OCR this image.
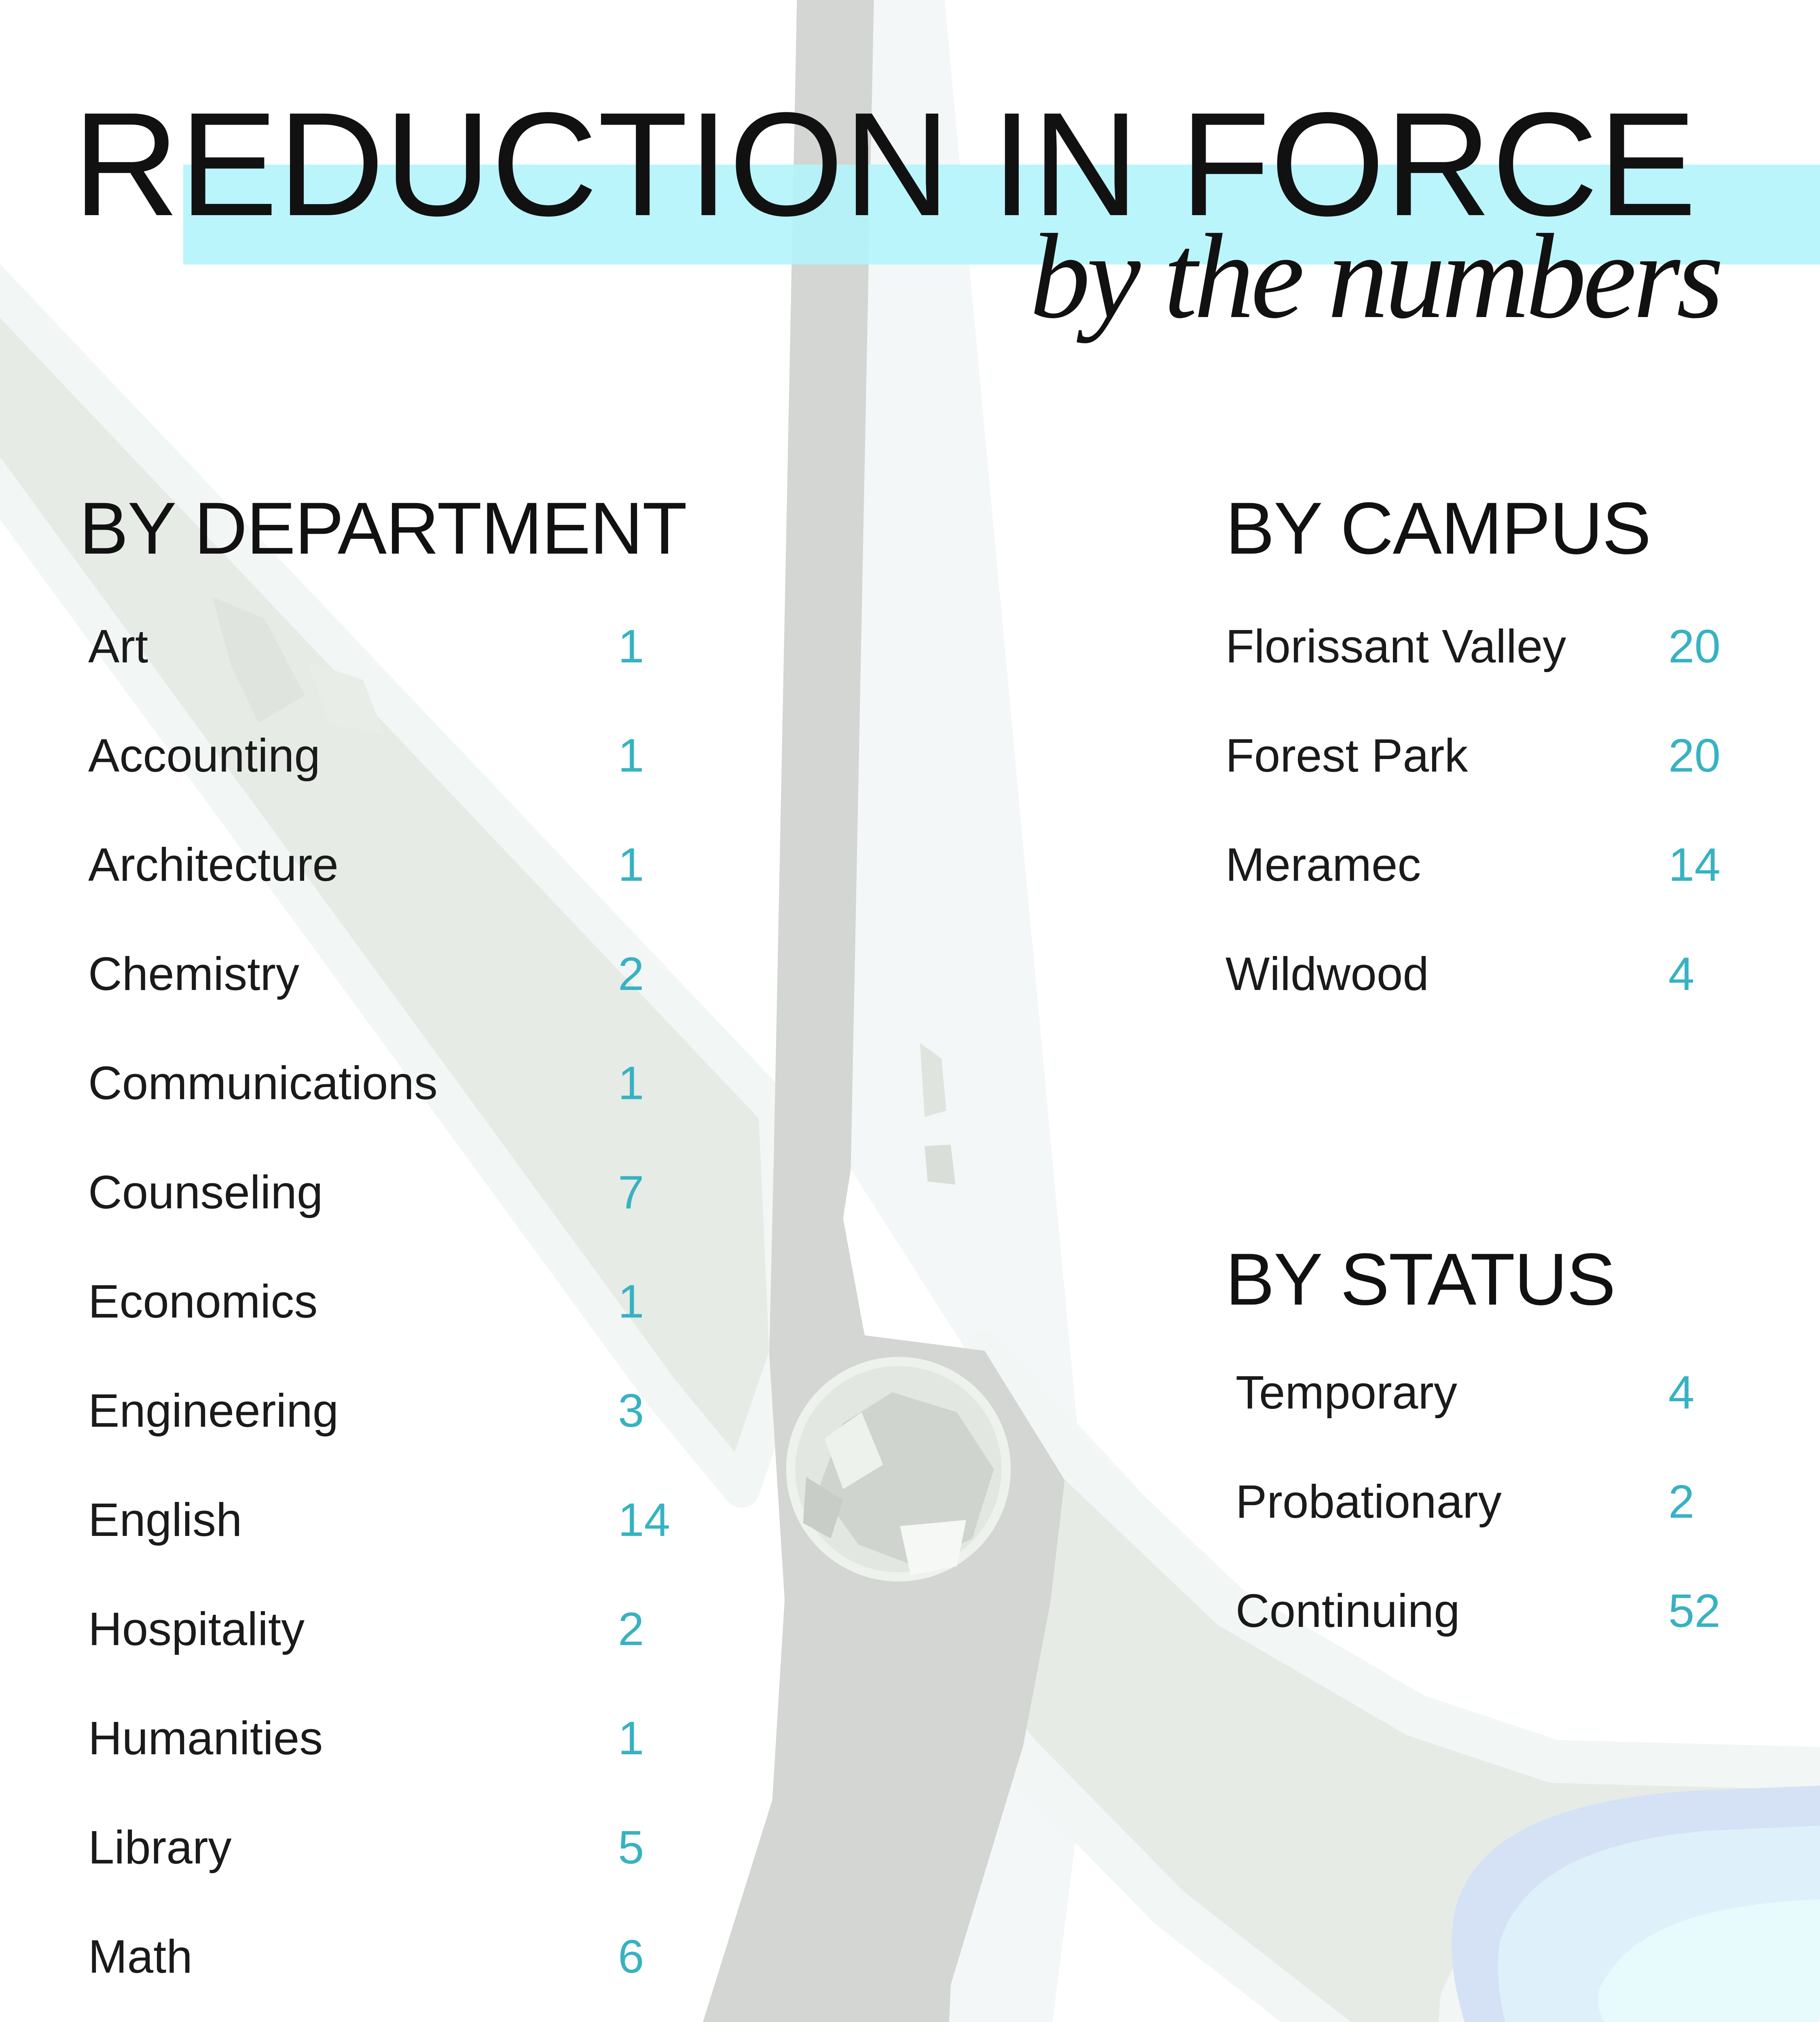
REDUCTION IN FORCE
by the numbers
BY DEPARTMENT
Art	1
Accounting	1
Architecture	1
Chemistry	2
Communications	1
Counseling	7
Economics	1
Engineering	3
English	14
Hospitality	2
Humanities	1
Library	5
Math	6
BY CAMPUS
Florissant Valley 20
Forest Park	20
Meramec	14
Wildwood	4
BY STATUS
Temporary	4
Probationary	2
Continuing	52
